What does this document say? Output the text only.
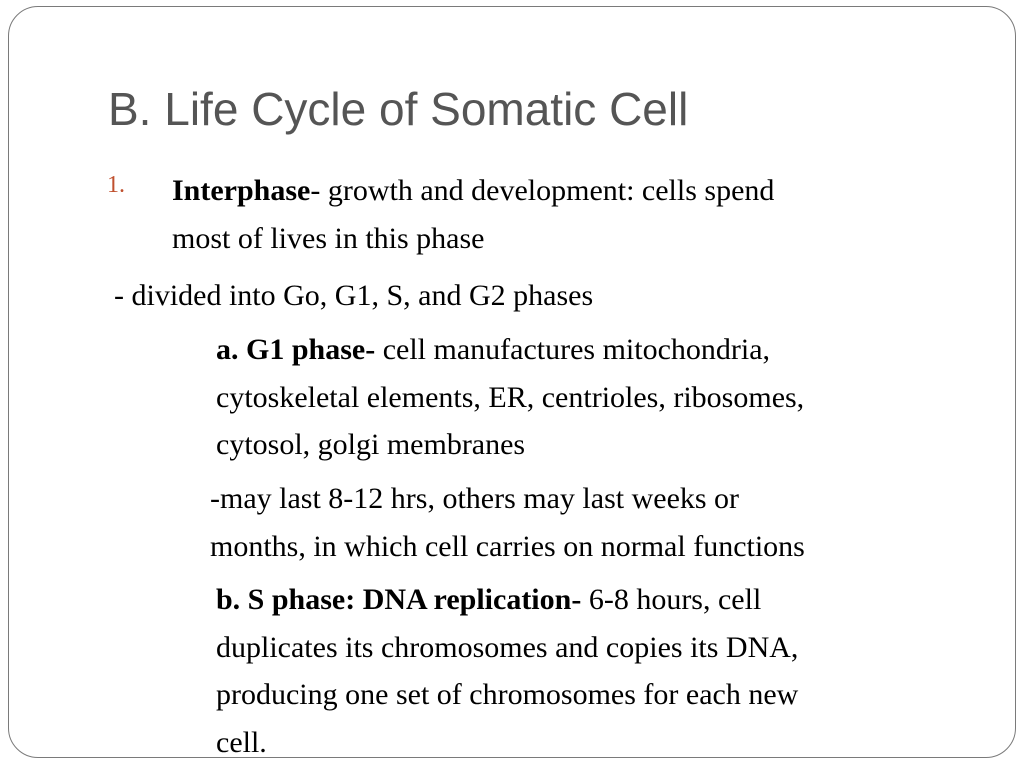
B. Life Cycle of Somatic Cell
1. Interphase- growth and development: cells spend
most of lives in this phase
- divided into Go, G1, S, and G2 phases
a. G1 phase- cell manufactures mitochondria,
cytoskeletal elements, ER, centrioles, ribosomes,
cytosol, golgi membranes
-may last 8-12 hrs, others may last weeks or
months, in which cell carries on normal functions
b. S phase: DNA replication- 6-8 hours, cell
duplicates its chromosomes and copies its DNA,
producing one set of chromosomes for each new
cell.
